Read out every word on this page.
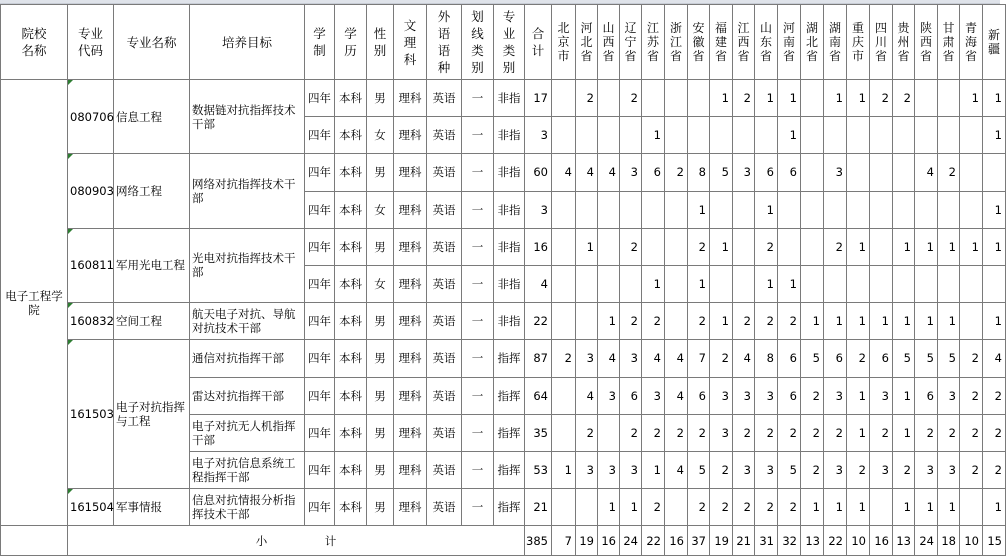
院校名称	专业代码	专业名称	培养目标	学制	学历	性别	文理科	外语语种	划线类别	专业类别	合计	北京市	河北省	山西省	辽宁省	江苏省	浙江省	安徽省	福建省	江西省	山东省	河南省	湖北省	湖南省	重庆市	四川省	贵州省	陕西省	甘肃省	青海省	新疆
电子工程学院	080706	信息工程	数据链对抗指挥技术干部	四年	本科	男	理科	英语	一	非指	17		2		2				1	2	1	1		1	1	2	2			1	1
				四年	本科	女	理科	英语	一	非指	3					1						1									1
	080903	网络工程	网络对抗指挥技术干部	四年	本科	男	理科	英语	一	非指	60	4	4	4	3	6	2	8	5	3	6	6		3				4	2		
				四年	本科	女	理科	英语	一	非指	3							1			1										1
	160811	军用光电工程	光电对抗指挥技术干部	四年	本科	男	理科	英语	一	非指	16		1		2			2	1		2			2	1		1	1	1	1	1
				四年	本科	女	理科	英语	一	非指	4					1		1			1	1									
	160832	空间工程	航天电子对抗、导航对抗技术干部	四年	本科	男	理科	英语	一	非指	22			1	2	2		2	1	2	2	2	1	1	1	1	1	1	1		1
	161503	电子对抗指挥与工程	通信对抗指挥干部	四年	本科	男	理科	英语	一	指挥	87	2	3	4	3	4	4	7	2	4	8	6	5	6	2	6	5	5	5	2	4
			雷达对抗指挥干部	四年	本科	男	理科	英语	一	指挥	64		4	3	6	3	4	6	3	3	3	6	2	3	1	3	1	6	3	2	2
			电子对抗无人机指挥干部	四年	本科	男	理科	英语	一	指挥	35		2		2	2	2	2	3	2	2	2	2	2	1	2	1	2	2	2	2
			电子对抗信息系统工程指挥干部	四年	本科	男	理科	英语	一	指挥	53	1	3	3	3	1	4	5	2	3	3	5	2	3	2	3	2	3	3	2	2
	161504	军事情报	信息对抗情报分析指挥技术干部	四年	本科	男	理科	英语	一	指挥	21			1	1	2		2	2	2	2	2	1	1	1		1	1	1		1
	小　　　　　计										385	7	19	16	24	22	16	37	19	21	31	32	13	22	10	16	13	24	18	10	15
